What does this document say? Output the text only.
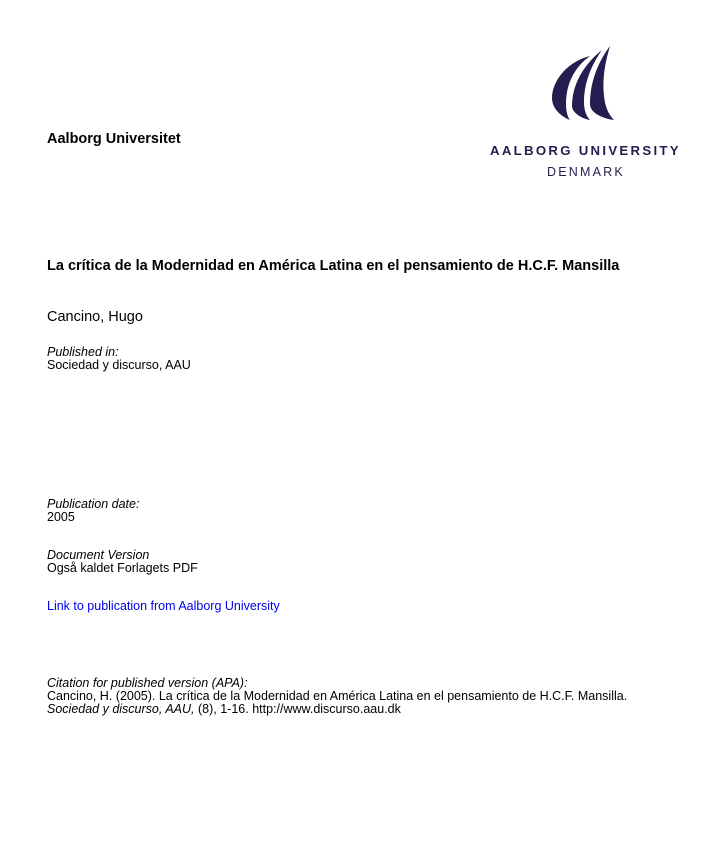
Aalborg Universitet
AALBORG UNIVERSITY
DENMARK
La crítica de la Modernidad en América Latina en el pensamiento de H.C.F. Mansilla
Cancino, Hugo
Published in:
Sociedad y discurso, AAU
Publication date:
2005
Document Version
Også kaldet Forlagets PDF
Link to publication from Aalborg University
Citation for published version (APA):
Cancino, H. (2005). La crítica de la Modernidad en América Latina en el pensamiento de H.C.F. Mansilla.
Sociedad y discurso, AAU, (8), 1-16. http://www.discurso.aau.dk
